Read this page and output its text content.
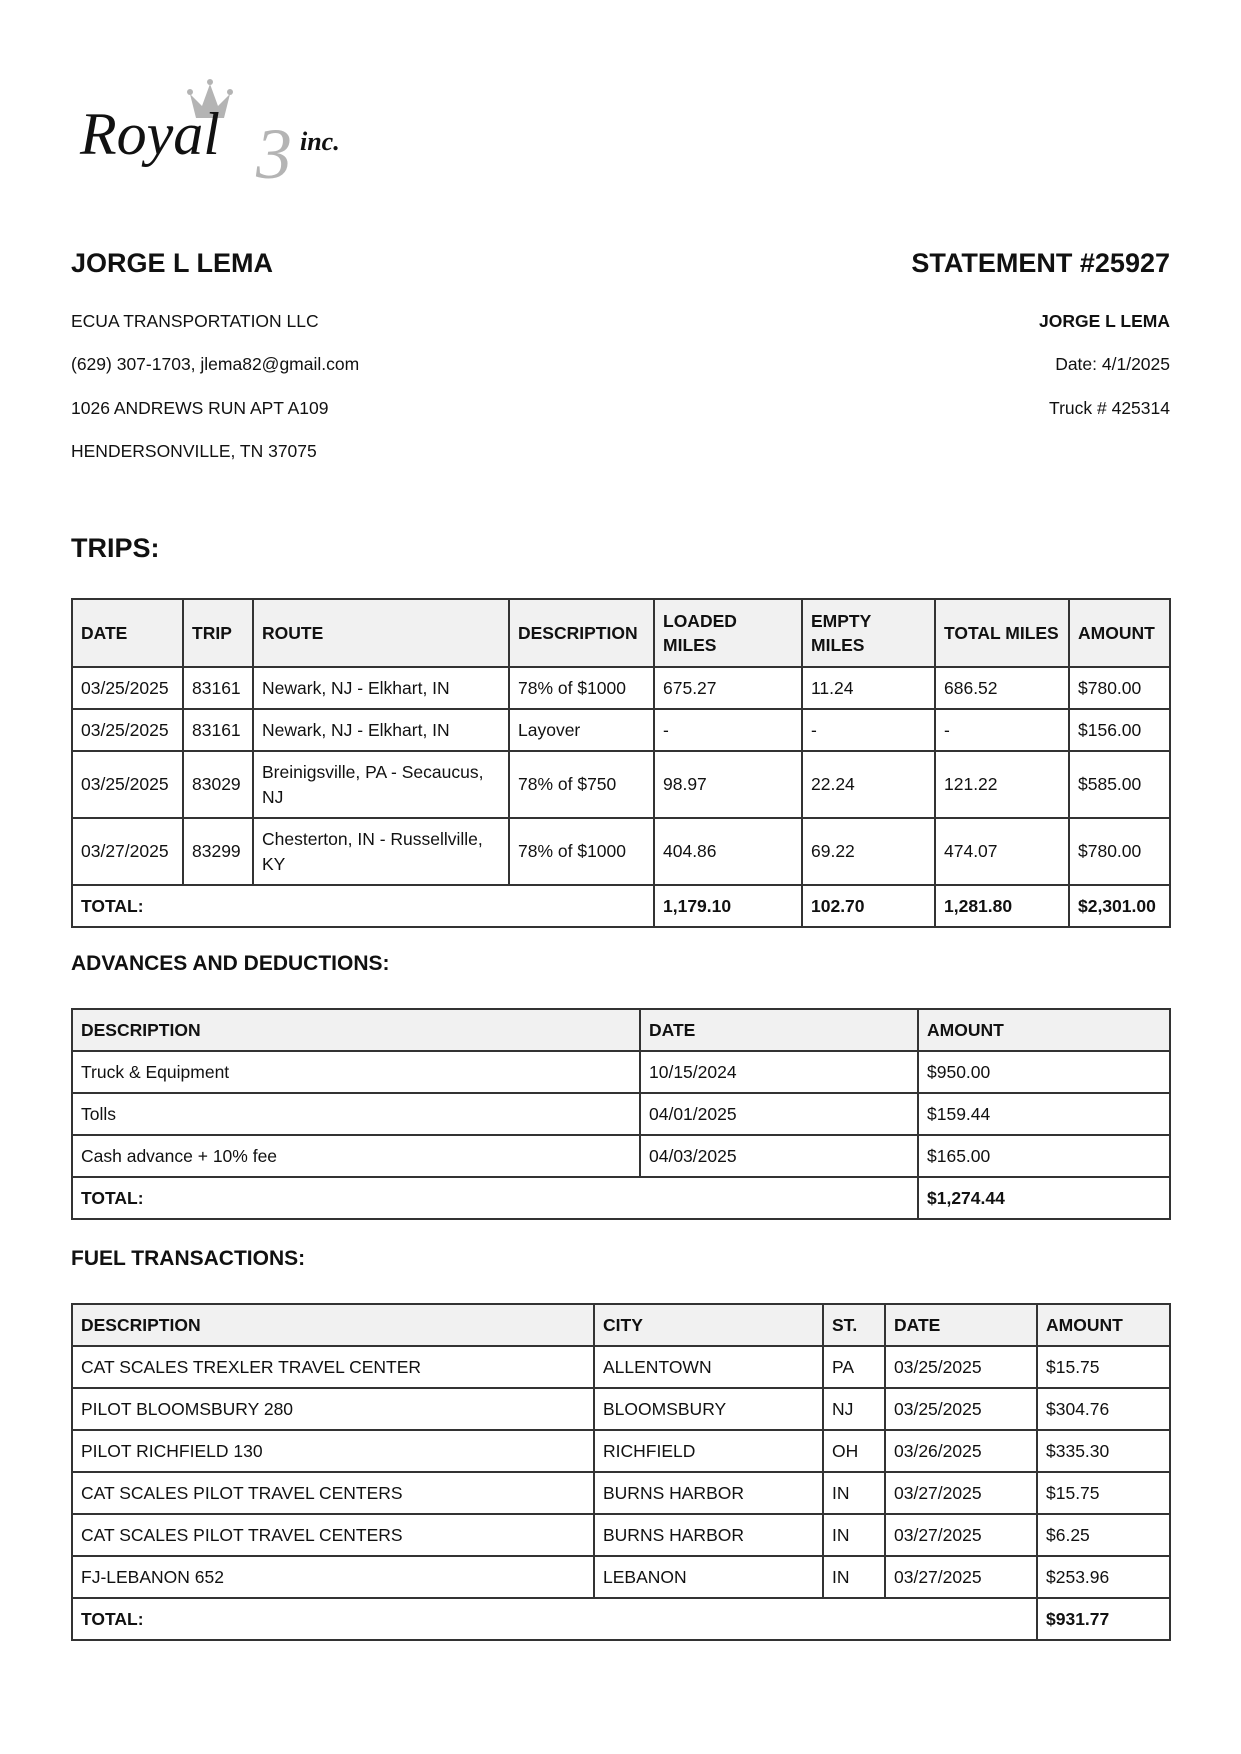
Royal 3 inc.
JORGE L LEMA
ECUA TRANSPORTATION LLC
(629) 307-1703, jlema82@gmail.com
1026 ANDREWS RUN APT A109
HENDERSONVILLE, TN 37075
STATEMENT #25927
JORGE L LEMA
Date: 4/1/2025
Truck # 425314
TRIPS:
DATE	TRIP	ROUTE	DESCRIPTION	LOADED MILES	EMPTY MILES	TOTAL MILES	AMOUNT
03/25/2025	83161	Newark, NJ - Elkhart, IN	78% of $1000	675.27	11.24	686.52	$780.00
03/25/2025	83161	Newark, NJ - Elkhart, IN	Layover	-	-	-	$156.00
03/25/2025	83029	Breinigsville, PA - Secaucus, NJ	78% of $750	98.97	22.24	121.22	$585.00
03/27/2025	83299	Chesterton, IN - Russellville, KY	78% of $1000	404.86	69.22	474.07	$780.00
TOTAL:				1,179.10	102.70	1,281.80	$2,301.00
ADVANCES AND DEDUCTIONS:
DESCRIPTION	DATE	AMOUNT
Truck & Equipment	10/15/2024	$950.00
Tolls	04/01/2025	$159.44
Cash advance + 10% fee	04/03/2025	$165.00
TOTAL:		$1,274.44
FUEL TRANSACTIONS:
DESCRIPTION	CITY	ST.	DATE	AMOUNT
CAT SCALES TREXLER TRAVEL CENTER	ALLENTOWN	PA	03/25/2025	$15.75
PILOT BLOOMSBURY 280	BLOOMSBURY	NJ	03/25/2025	$304.76
PILOT RICHFIELD 130	RICHFIELD	OH	03/26/2025	$335.30
CAT SCALES PILOT TRAVEL CENTERS	BURNS HARBOR	IN	03/27/2025	$15.75
CAT SCALES PILOT TRAVEL CENTERS	BURNS HARBOR	IN	03/27/2025	$6.25
FJ-LEBANON 652	LEBANON	IN	03/27/2025	$253.96
TOTAL:				$931.77
